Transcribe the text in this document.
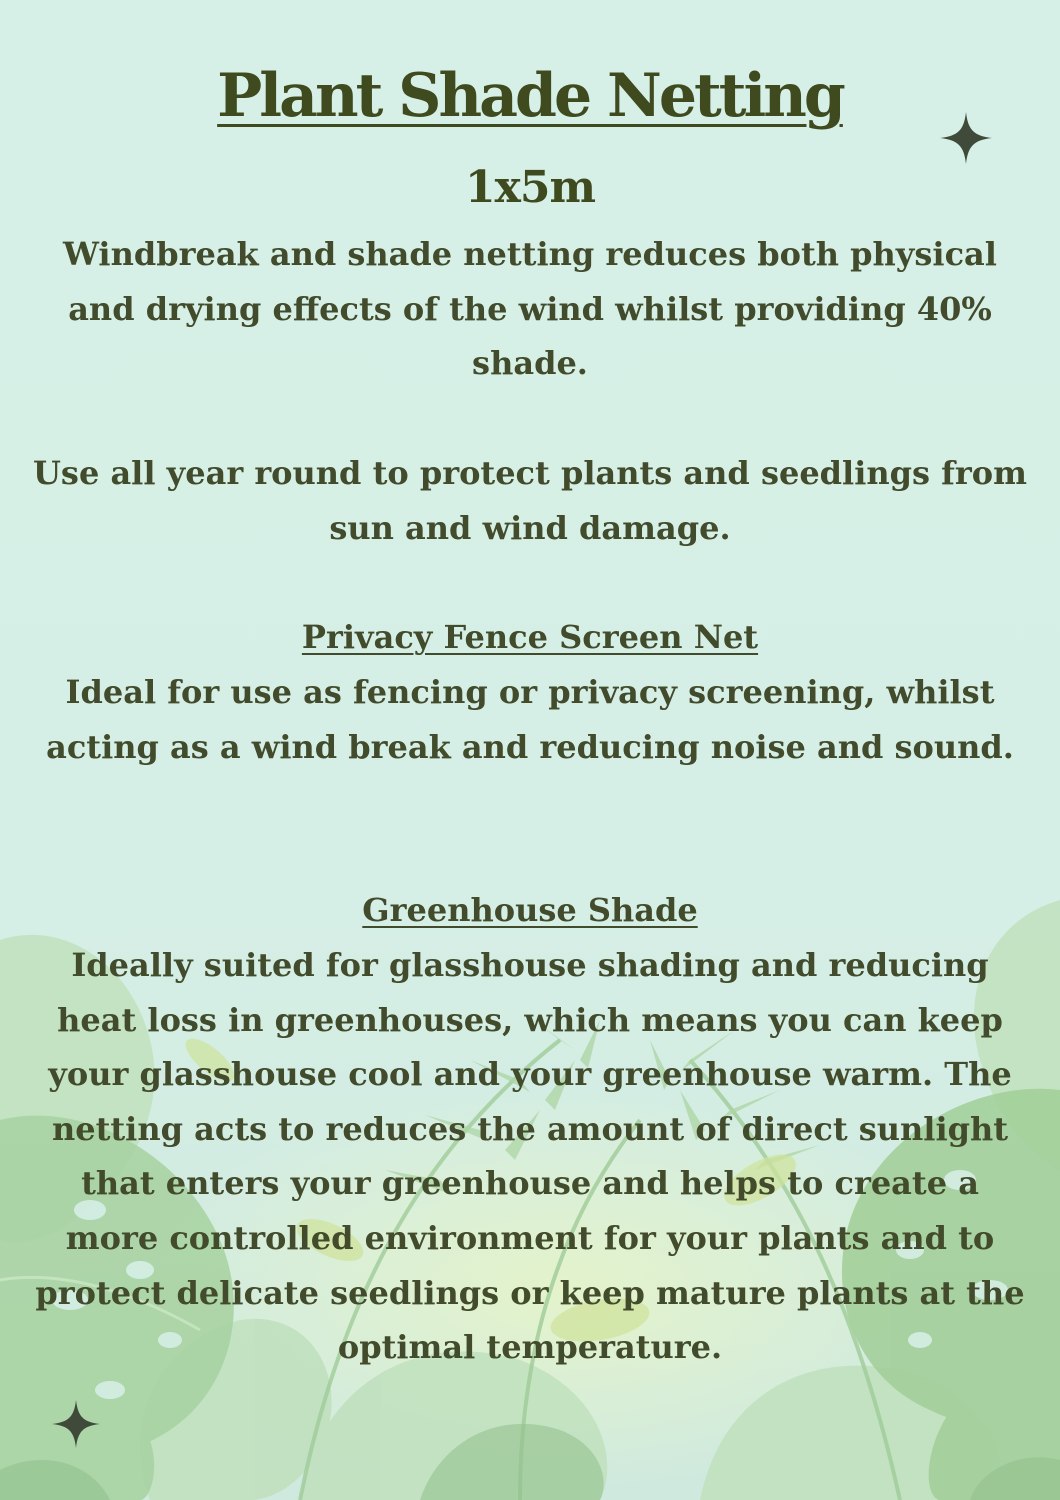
Plant Shade Netting
1x5m

Windbreak and shade netting reduces both physical and drying effects of the wind whilst providing 40% shade.

Use all year round to protect plants and seedlings from sun and wind damage.

Privacy Fence Screen Net

Ideal for use as fencing or privacy screening, whilst acting as a wind break and reducing noise and sound.

Greenhouse Shade

Ideally suited for glasshouse shading and reducing heat loss in greenhouses, which means you can keep your glasshouse cool and your greenhouse warm. The netting acts to reduces the amount of direct sunlight that enters your greenhouse and helps to create a more controlled environment for your plants and to protect delicate seedlings or keep mature plants at the optimal temperature.
